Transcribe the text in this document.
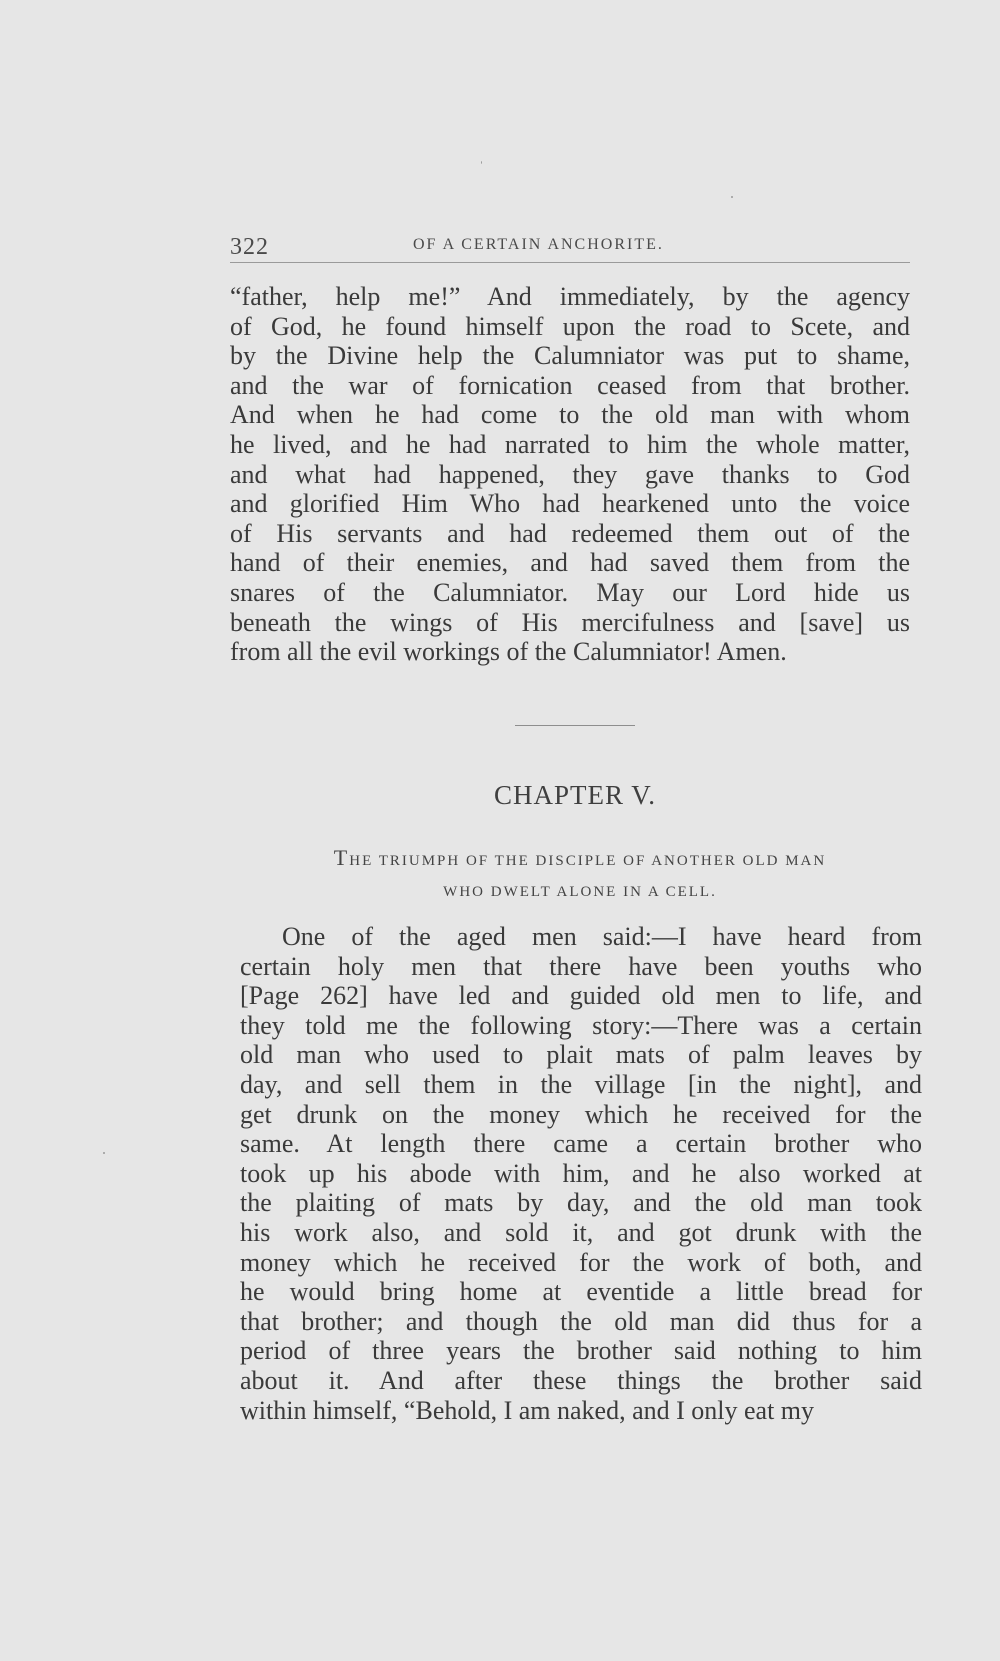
322	OF A CERTAIN ANCHORITE.
“father, help me!” And immediately, by the agency
of God, he found himself upon the road to Scete, and
by the Divine help the Calumniator was put to shame,
and the war of fornication ceased from that brother.
And when he had come to the old man with whom
he lived, and he had narrated to him the whole matter,
and what had happened, they gave thanks to God
and glorified Him Who had hearkened unto the voice
of His servants and had redeemed them out of the
hand of their enemies, and had saved them from the
snares of the Calumniator. May our Lord hide us
beneath the wings of His mercifulness and [save] us
from all the evil workings of the Calumniator! Amen.
CHAPTER V.
THE TRIUMPH OF THE DISCIPLE OF ANOTHER OLD MAN
WHO DWELT ALONE IN A CELL.
One of the aged men said:—I have heard from
certain holy men that there have been youths who
[Page 262] have led and guided old men to life, and
they told me the following story:—There was a certain
old man who used to plait mats of palm leaves by
day, and sell them in the village [in the night], and
get drunk on the money which he received for the
same. At length there came a certain brother who
took up his abode with him, and he also worked at
the plaiting of mats by day, and the old man took
his work also, and sold it, and got drunk with the
money which he received for the work of both, and
he would bring home at eventide a little bread for
that brother; and though the old man did thus for a
period of three years the brother said nothing to him
about it. And after these things the brother said
within himself, “Behold, I am naked, and I only eat my
